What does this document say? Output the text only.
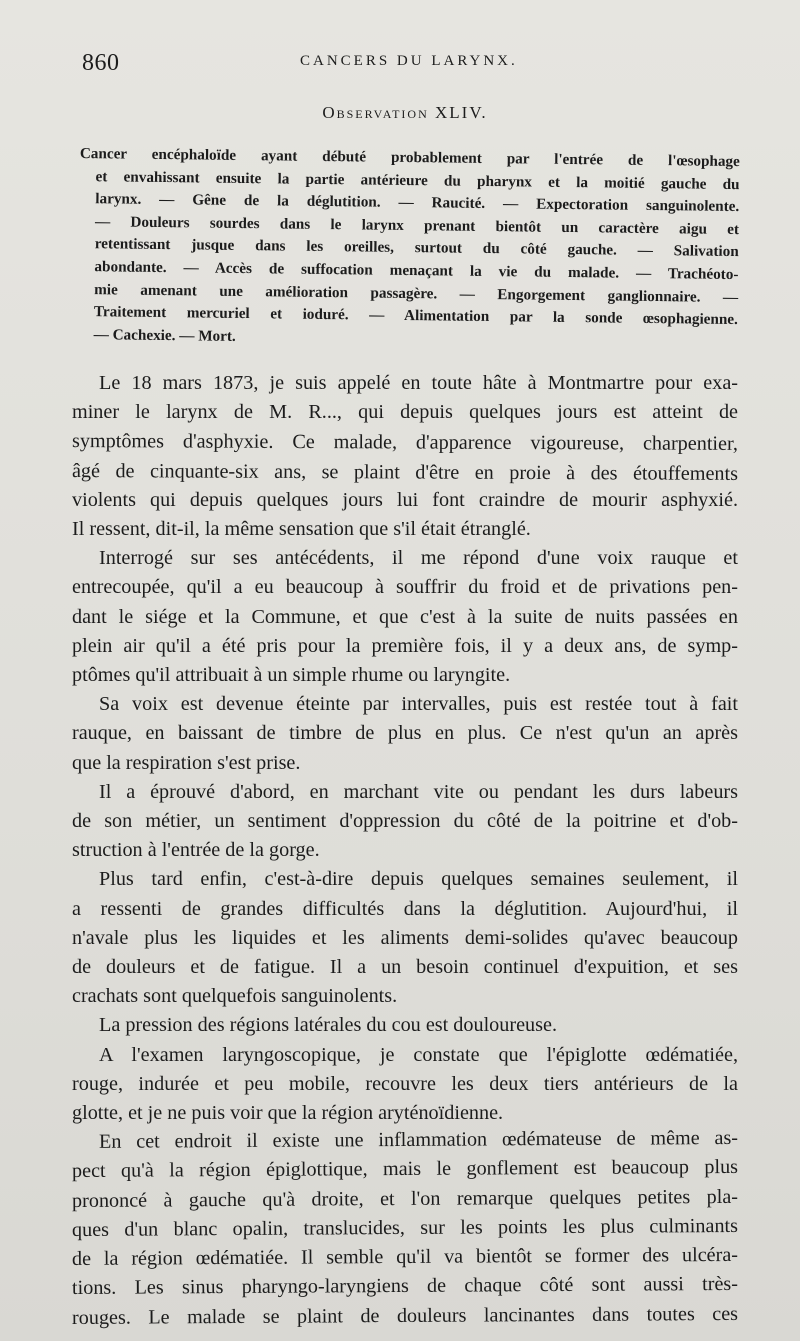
860	CANCERS DU LARYNX.
Observation XLIV.
Cancer encéphaloïde ayant débuté probablement par l'entrée de l'œsophage
et envahissant ensuite la partie antérieure du pharynx et la moitié gauche du
larynx. — Gêne de la déglutition. — Raucité. — Expectoration sanguinolente.
— Douleurs sourdes dans le larynx prenant bientôt un caractère aigu et
retentissant jusque dans les oreilles, surtout du côté gauche. — Salivation
abondante. — Accès de suffocation menaçant la vie du malade. — Trachéoto-
mie amenant une amélioration passagère. — Engorgement ganglionnaire. —
Traitement mercuriel et ioduré. — Alimentation par la sonde œsophagienne.
— Cachexie. — Mort.
Le 18 mars 1873, je suis appelé en toute hâte à Montmartre pour exa-
miner le larynx de M. R..., qui depuis quelques jours est atteint de
symptômes d'asphyxie. Ce malade, d'apparence vigoureuse, charpentier,
âgé de cinquante-six ans, se plaint d'être en proie à des étouffements
violents qui depuis quelques jours lui font craindre de mourir asphyxié.
Il ressent, dit-il, la même sensation que s'il était étranglé.
Interrogé sur ses antécédents, il me répond d'une voix rauque et
entrecoupée, qu'il a eu beaucoup à souffrir du froid et de privations pen-
dant le siége et la Commune, et que c'est à la suite de nuits passées en
plein air qu'il a été pris pour la première fois, il y a deux ans, de symp-
ptômes qu'il attribuait à un simple rhume ou laryngite.
Sa voix est devenue éteinte par intervalles, puis est restée tout à fait
rauque, en baissant de timbre de plus en plus. Ce n'est qu'un an après
que la respiration s'est prise.
Il a éprouvé d'abord, en marchant vite ou pendant les durs labeurs
de son métier, un sentiment d'oppression du côté de la poitrine et d'ob-
struction à l'entrée de la gorge.
Plus tard enfin, c'est-à-dire depuis quelques semaines seulement, il
a ressenti de grandes difficultés dans la déglutition. Aujourd'hui, il
n'avale plus les liquides et les aliments demi-solides qu'avec beaucoup
de douleurs et de fatigue. Il a un besoin continuel d'expuition, et ses
crachats sont quelquefois sanguinolents.
La pression des régions latérales du cou est douloureuse.
A l'examen laryngoscopique, je constate que l'épiglotte œdématiée,
rouge, indurée et peu mobile, recouvre les deux tiers antérieurs de la
glotte, et je ne puis voir que la région aryténoïdienne.
En cet endroit il existe une inflammation œdémateuse de même as-
pect qu'à la région épiglottique, mais le gonflement est beaucoup plus
prononcé à gauche qu'à droite, et l'on remarque quelques petites pla-
ques d'un blanc opalin, translucides, sur les points les plus culminants
de la région œdématiée. Il semble qu'il va bientôt se former des ulcéra-
tions. Les sinus pharyngo-laryngiens de chaque côté sont aussi très-
rouges. Le malade se plaint de douleurs lancinantes dans toutes ces
